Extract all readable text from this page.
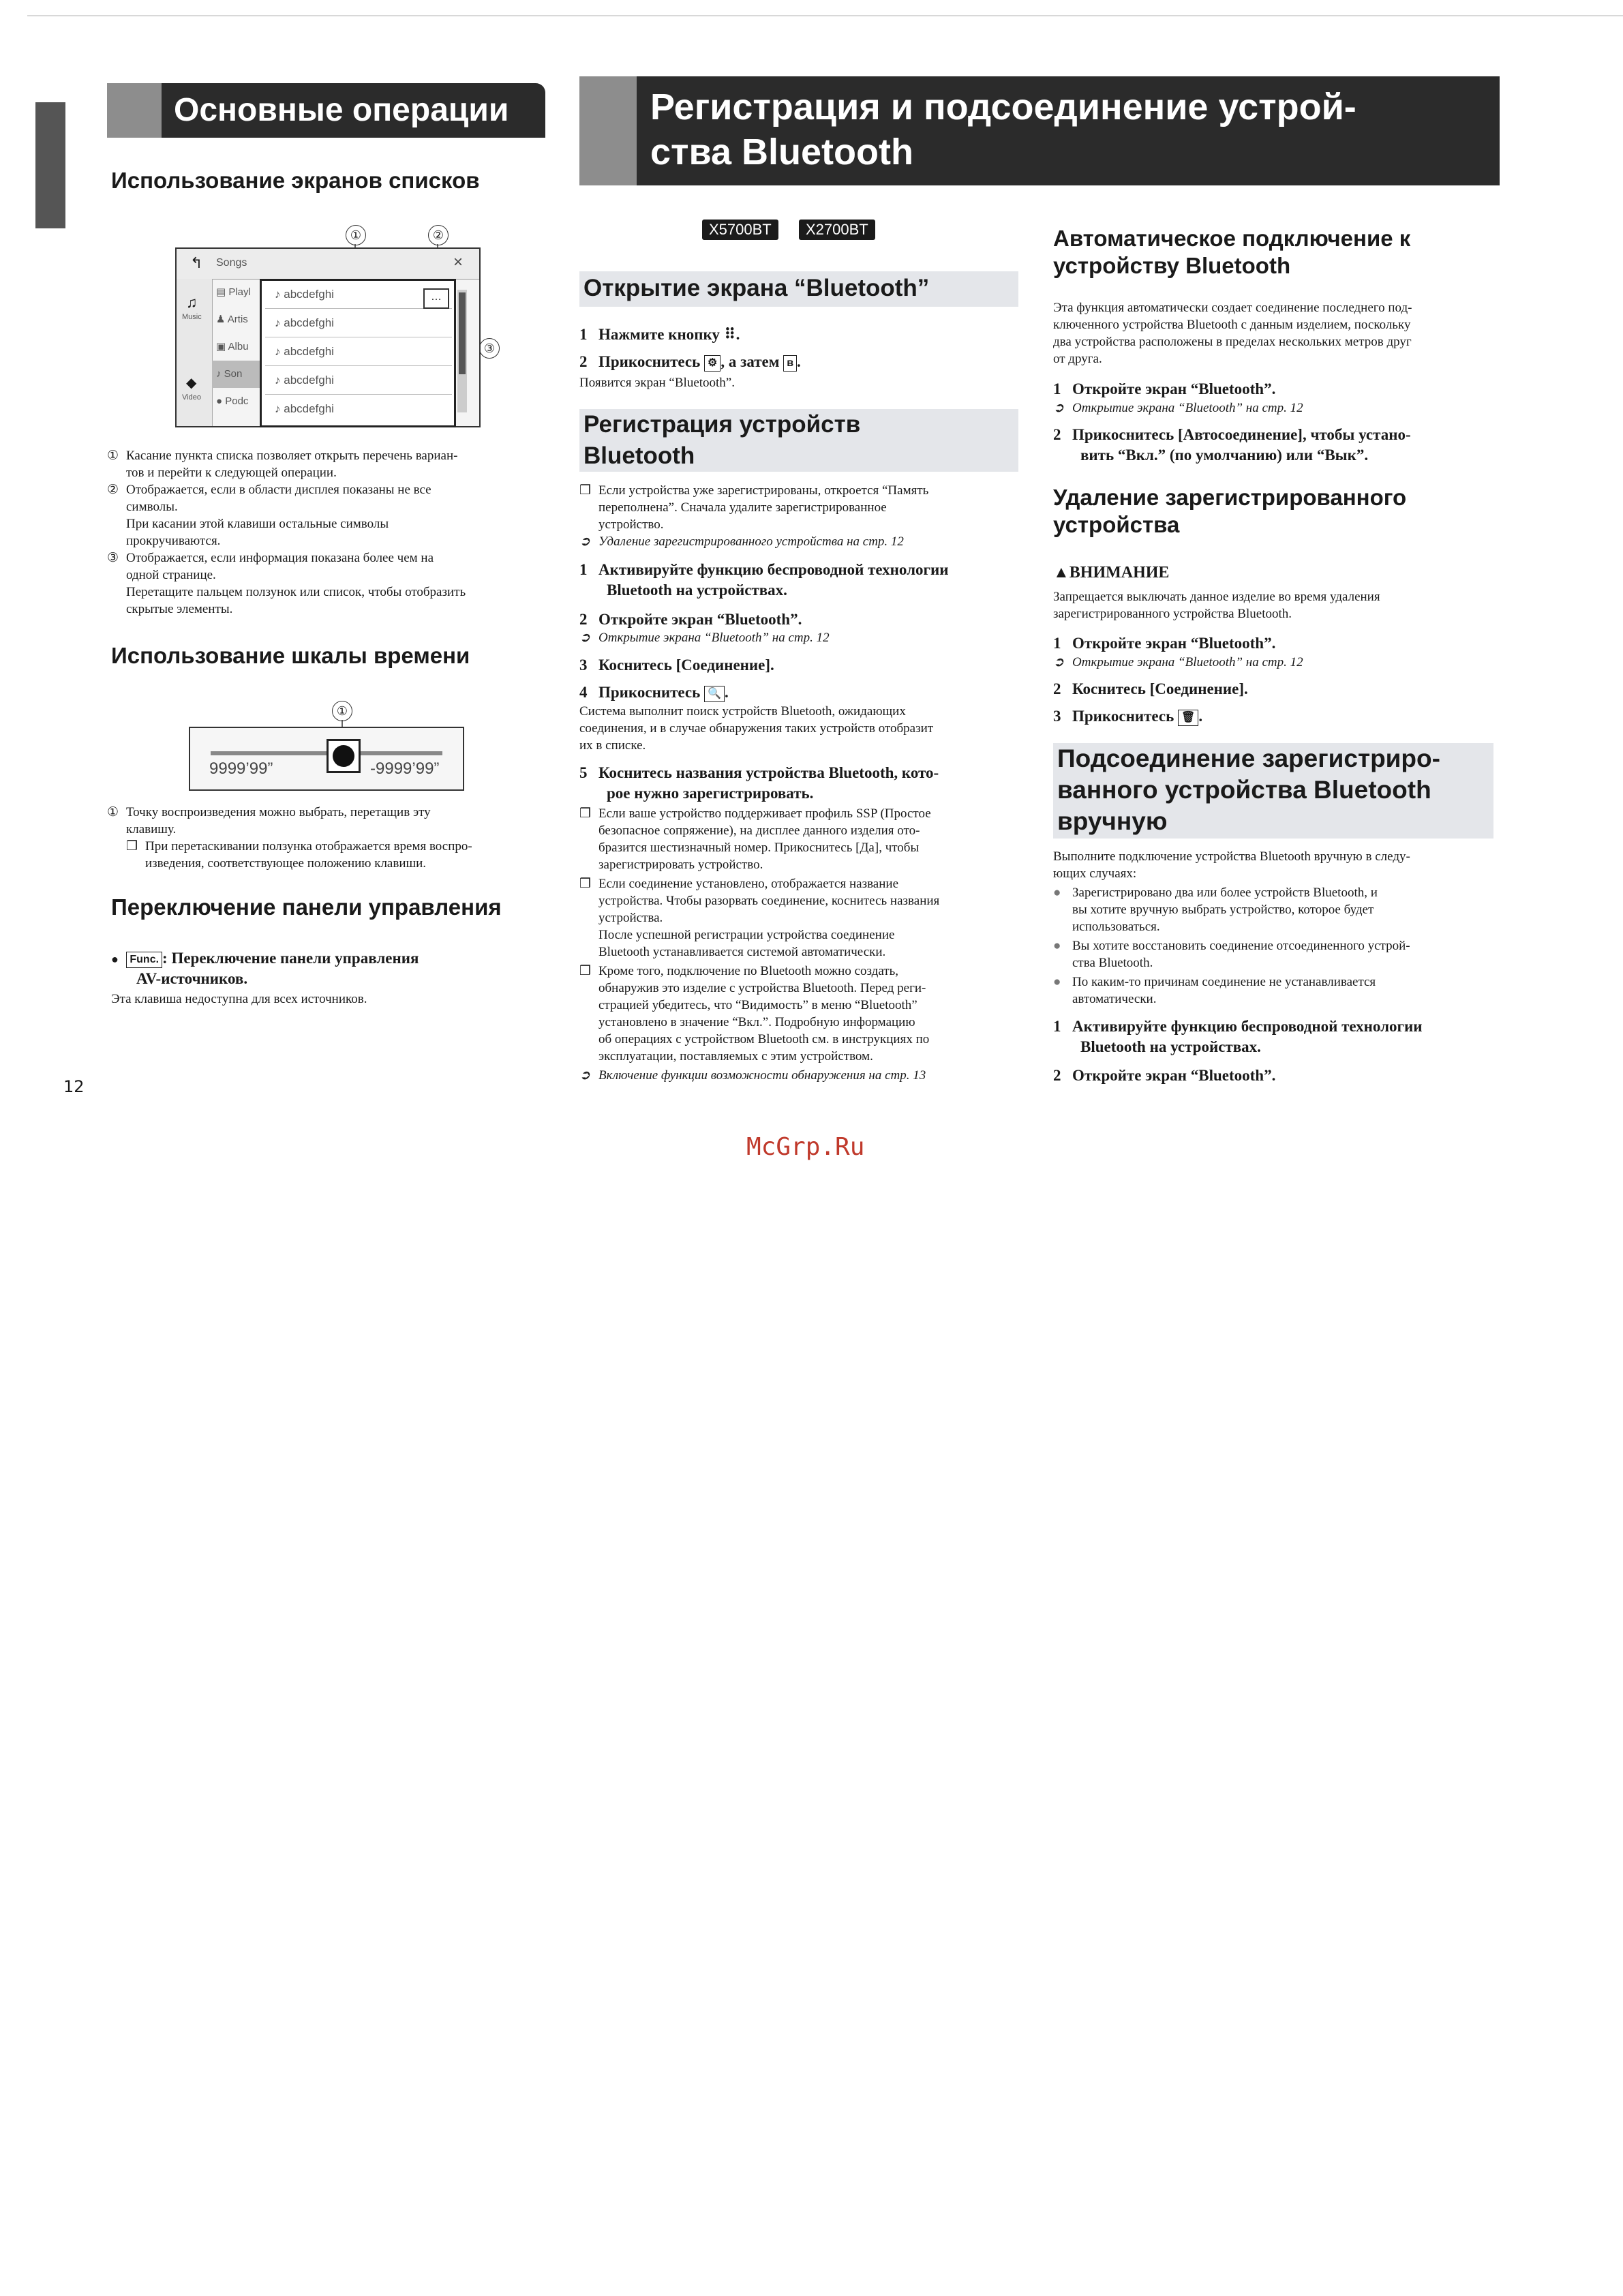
Основные операции
Использование экранов списков
①	②
③
↰ Songs	×
♫
Music
◆
Video
▤ Playl
♟ Artis
▣ Albu
♪ Son
● Podc
♪ abcdefghi
♪ abcdefghi
♪ abcdefghi
♪ abcdefghi
♪ abcdefghi
…
① Касание пункта списка позволяет открыть перечень вариан-
тов и перейти к следующей операции.
② Отображается, если в области дисплея показаны не все
символы.
При касании этой клавиши остальные символы
прокручиваются.
③ Отображается, если информация показана более чем на
одной странице.
Перетащите пальцем ползунок или список, чтобы отобразить
скрытые элементы.
Использование шкалы времени
①
9999’99”	-9999’99”
① Точку воспроизведения можно выбрать, перетащив эту
клавишу.
❒ При перетаскивании ползунка отображается время воспро-
изведения, соответствующее положению клавиши.
Переключение панели управления
● Func. : Переключение панели управления
AV-источников.
Эта клавиша недоступна для всех источников.
12
Регистрация и подсоединение устрой-
ства Bluetooth
X5700BT	X2700BT
Открытие экрана “Bluetooth”
1 Нажмите кнопку ⠿.
2 Прикоснитесь ⚙ , а затем ʙ .
Появится экран “Bluetooth”.
Регистрация устройств
Bluetooth
❒ Если устройства уже зарегистрированы, откроется “Память
переполнена”. Сначала удалите зарегистрированное
устройство.
➲ Удаление зарегистрированного устройства на стр. 12
1 Активируйте функцию беспроводной технологии
Bluetooth на устройствах.
2 Откройте экран “Bluetooth”.
➲ Открытие экрана “Bluetooth” на стр. 12
3 Коснитесь [Соединение].
4 Прикоснитесь 🔍 .
Система выполнит поиск устройств Bluetooth, ожидающих
соединения, и в случае обнаружения таких устройств отобразит
их в списке.
5 Коснитесь названия устройства Bluetooth, кото-
рое нужно зарегистрировать.
❒ Если ваше устройство поддерживает профиль SSP (Простое
безопасное сопряжение), на дисплее данного изделия ото-
бразится шестизначный номер. Прикоснитесь [Да], чтобы
зарегистрировать устройство.
❒ Если соединение установлено, отображается название
устройства. Чтобы разорвать соединение, коснитесь названия
устройства.
После успешной регистрации устройства соединение
Bluetooth устанавливается системой автоматически.
❒ Кроме того, подключение по Bluetooth можно создать,
обнаружив это изделие с устройства Bluetooth. Перед реги-
страцией убедитесь, что “Видимость” в меню “Bluetooth”
установлено в значение “Вкл.”. Подробную информацию
об операциях с устройством Bluetooth см. в инструкциях по
эксплуатации, поставляемых с этим устройством.
➲ Включение функции возможности обнаружения на стр. 13
Автоматическое подключение к
устройству Bluetooth
Эта функция автоматически создает соединение последнего под-
ключенного устройства Bluetooth с данным изделием, поскольку
два устройства расположены в пределах нескольких метров друг
от друга.
1 Откройте экран “Bluetooth”.
➲ Открытие экрана “Bluetooth” на стр. 12
2 Прикоснитесь [Автосоединение], чтобы устано-
вить “Вкл.” (по умолчанию) или “Вык”.
Удаление зарегистрированного
устройства
▲ВНИМАНИЕ
Запрещается выключать данное изделие во время удаления
зарегистрированного устройства Bluetooth.
1 Откройте экран “Bluetooth”.
➲ Открытие экрана “Bluetooth” на стр. 12
2 Коснитесь [Соединение].
3 Прикоснитесь 🗑 .
Подсоединение зарегистриро-
ванного устройства Bluetooth
вручную
Выполните подключение устройства Bluetooth вручную в следу-
ющих случаях:
● Зарегистрировано два или более устройств Bluetooth, и
вы хотите вручную выбрать устройство, которое будет
использоваться.
● Вы хотите восстановить соединение отсоединенного устрой-
ства Bluetooth.
● По каким-то причинам соединение не устанавливается
автоматически.
1 Активируйте функцию беспроводной технологии
Bluetooth на устройствах.
2 Откройте экран “Bluetooth”.
McGrp.Ru
